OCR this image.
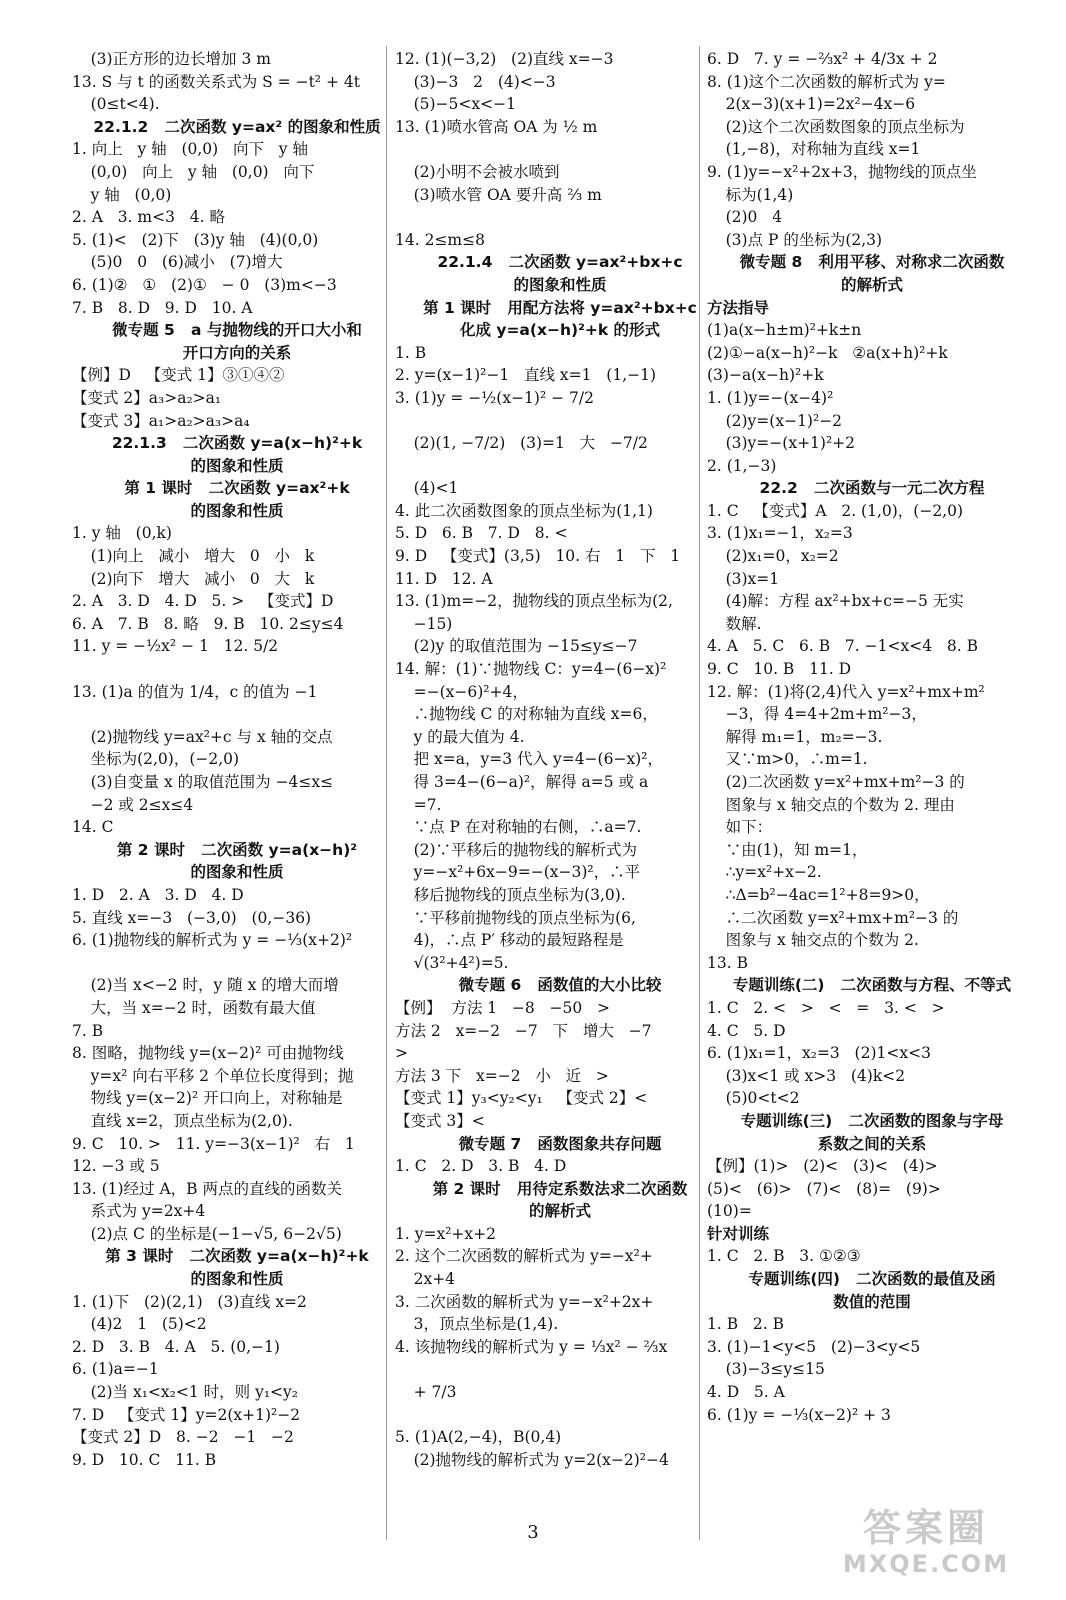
(3)正方形的边长增加 3 m
13. S 与 t 的函数关系式为 S = −t² + 4t
(0≤t<4).
22.1.2   二次函数 y=ax² 的图象和性质
1. 向上   y 轴   (0,0)   向下   y 轴
(0,0)   向上   y 轴   (0,0)   向下
y 轴   (0,0)
2. A   3. m<3   4. 略
5. (1)<   (2)下   (3)y 轴   (4)(0,0)
(5)0   0   (6)减小   (7)增大
6. (1)②   ①   (2)①   − 0   (3)m<−3
7. B   8. D   9. D   10. A
微专题 5   a 与抛物线的开口大小和
开口方向的关系
【例】D   【变式 1】③①④②
【变式 2】a₃>a₂>a₁
【变式 3】a₁>a₂>a₃>a₄
22.1.3   二次函数 y=a(x−h)²+k
的图象和性质
第 1 课时   二次函数 y=ax²+k
的图象和性质
1. y 轴   (0,k)
(1)向上   减小   增大   0   小   k
(2)向下   增大   减小   0   大   k
2. A   3. D   4. D   5. >   【变式】D
6. A   7. B   8. 略   9. B   10. 2≤y≤4
11. y = −½x² − 1   12. 5/2

13. (1)a 的值为 1/4，c 的值为 −1

(2)抛物线 y=ax²+c 与 x 轴的交点
坐标为(2,0)，(−2,0)
(3)自变量 x 的取值范围为 −4≤x≤
−2 或 2≤x≤4
14. C
第 2 课时   二次函数 y=a(x−h)²
的图象和性质
1. D   2. A   3. D   4. D
5. 直线 x=−3   (−3,0)   (0,−36)
6. (1)抛物线的解析式为 y = −⅓(x+2)²

(2)当 x<−2 时，y 随 x 的增大而增
大，当 x=−2 时，函数有最大值
7. B
8. 图略，抛物线 y=(x−2)² 可由抛物线
y=x² 向右平移 2 个单位长度得到；抛
物线 y=(x−2)² 开口向上，对称轴是
直线 x=2，顶点坐标为(2,0).
9. C   10. >   11. y=−3(x−1)²   右   1
12. −3 或 5
13. (1)经过 A，B 两点的直线的函数关
系式为 y=2x+4
(2)点 C 的坐标是(−1−√5, 6−2√5)
第 3 课时   二次函数 y=a(x−h)²+k
的图象和性质
1. (1)下   (2)(2,1)   (3)直线 x=2
(4)2   1   (5)<2
2. D   3. B   4. A   5. (0,−1)
6. (1)a=−1
(2)当 x₁<x₂<1 时，则 y₁<y₂
7. D   【变式 1】y=2(x+1)²−2
【变式 2】D   8. −2   −1   −2
9. D   10. C   11. B
12. (1)(−3,2)   (2)直线 x=−3
(3)−3   2   (4)<−3
(5)−5<x<−1
13. (1)喷水管高 OA 为 ½ m

(2)小明不会被水喷到
(3)喷水管 OA 要升高 ⅔ m

14. 2≤m≤8
22.1.4   二次函数 y=ax²+bx+c
的图象和性质
第 1 课时   用配方法将 y=ax²+bx+c
化成 y=a(x−h)²+k 的形式
1. B
2. y=(x−1)²−1   直线 x=1   (1,−1)
3. (1)y = −½(x−1)² − 7/2

(2)(1, −7/2)   (3)=1   大   −7/2

(4)<1
4. 此二次函数图象的顶点坐标为(1,1)
5. D   6. B   7. D   8. <
9. D   【变式】(3,5)   10. 右   1   下   1
11. D   12. A
13. (1)m=−2，抛物线的顶点坐标为(2,
−15)
(2)y 的取值范围为 −15≤y≤−7
14. 解：(1)∵抛物线 C：y=4−(6−x)²
=−(x−6)²+4，
∴抛物线 C 的对称轴为直线 x=6，
y 的最大值为 4.
把 x=a，y=3 代入 y=4−(6−x)²，
得 3=4−(6−a)²，解得 a=5 或 a
=7.
∵点 P 在对称轴的右侧，∴a=7.
(2)∵平移后的抛物线的解析式为
y=−x²+6x−9=−(x−3)²，∴平
移后抛物线的顶点坐标为(3,0).
∵平移前抛物线的顶点坐标为(6,
4)，∴点 P′ 移动的最短路程是
√(3²+4²)=5.
微专题 6   函数值的大小比较
【例】  方法 1   −8   −50   >
方法 2   x=−2   −7   下   增大   −7
>
方法 3 下   x=−2   小   近   >
【变式 1】y₃<y₂<y₁   【变式 2】<
【变式 3】<
微专题 7   函数图象共存问题
1. C   2. D   3. B   4. D
第 2 课时   用待定系数法求二次函数
的解析式
1. y=x²+x+2
2. 这个二次函数的解析式为 y=−x²+
2x+4
3. 二次函数的解析式为 y=−x²+2x+
3，顶点坐标是(1,4).
4. 该抛物线的解析式为 y = ⅓x² − ⅔x

+ 7/3

5. (1)A(2,−4)，B(0,4)
(2)抛物线的解析式为 y=2(x−2)²−4
6. D   7. y = −⅔x² + 4/3x + 2
8. (1)这个二次函数的解析式为 y=
2(x−3)(x+1)=2x²−4x−6
(2)这个二次函数图象的顶点坐标为
(1,−8)，对称轴为直线 x=1
9. (1)y=−x²+2x+3，抛物线的顶点坐
标为(1,4)
(2)0   4
(3)点 P 的坐标为(2,3)
微专题 8   利用平移、对称求二次函数
的解析式
方法指导
(1)a(x−h±m)²+k±n
(2)①−a(x−h)²−k   ②a(x+h)²+k
(3)−a(x−h)²+k
1. (1)y=−(x−4)²
(2)y=(x−1)²−2
(3)y=−(x+1)²+2
2. (1,−3)
22.2   二次函数与一元二次方程
1. C   【变式】A   2. (1,0)，(−2,0)
3. (1)x₁=−1，x₂=3
(2)x₁=0，x₂=2
(3)x=1
(4)解：方程 ax²+bx+c=−5 无实
数解.
4. A   5. C   6. B   7. −1<x<4   8. B
9. C   10. B   11. D
12. 解：(1)将(2,4)代入 y=x²+mx+m²
−3，得 4=4+2m+m²−3，
解得 m₁=1，m₂=−3.
又∵m>0，∴m=1.
(2)二次函数 y=x²+mx+m²−3 的
图象与 x 轴交点的个数为 2. 理由
如下：
∵由(1)，知 m=1，
∴y=x²+x−2.
∴Δ=b²−4ac=1²+8=9>0，
∴二次函数 y=x²+mx+m²−3 的
图象与 x 轴交点的个数为 2.
13. B
专题训练(二)   二次函数与方程、不等式
1. C   2. <   >   <   =   3. <   >
4. C   5. D
6. (1)x₁=1，x₂=3   (2)1<x<3
(3)x<1 或 x>3   (4)k<2
(5)0<t<2
专题训练(三)   二次函数的图象与字母
系数之间的关系
【例】(1)>   (2)<   (3)<   (4)>
(5)<   (6)>   (7)<   (8)=   (9)>
(10)=
针对训练
1. C   2. B   3. ①②③
专题训练(四)   二次函数的最值及函
数值的范围
1. B   2. B
3. (1)−1<y<5   (2)−3<y<5
(3)−3≤y≤15
4. D   5. A
6. (1)y = −⅓(x−2)² + 3
3	答案圈
MXQE.COM
